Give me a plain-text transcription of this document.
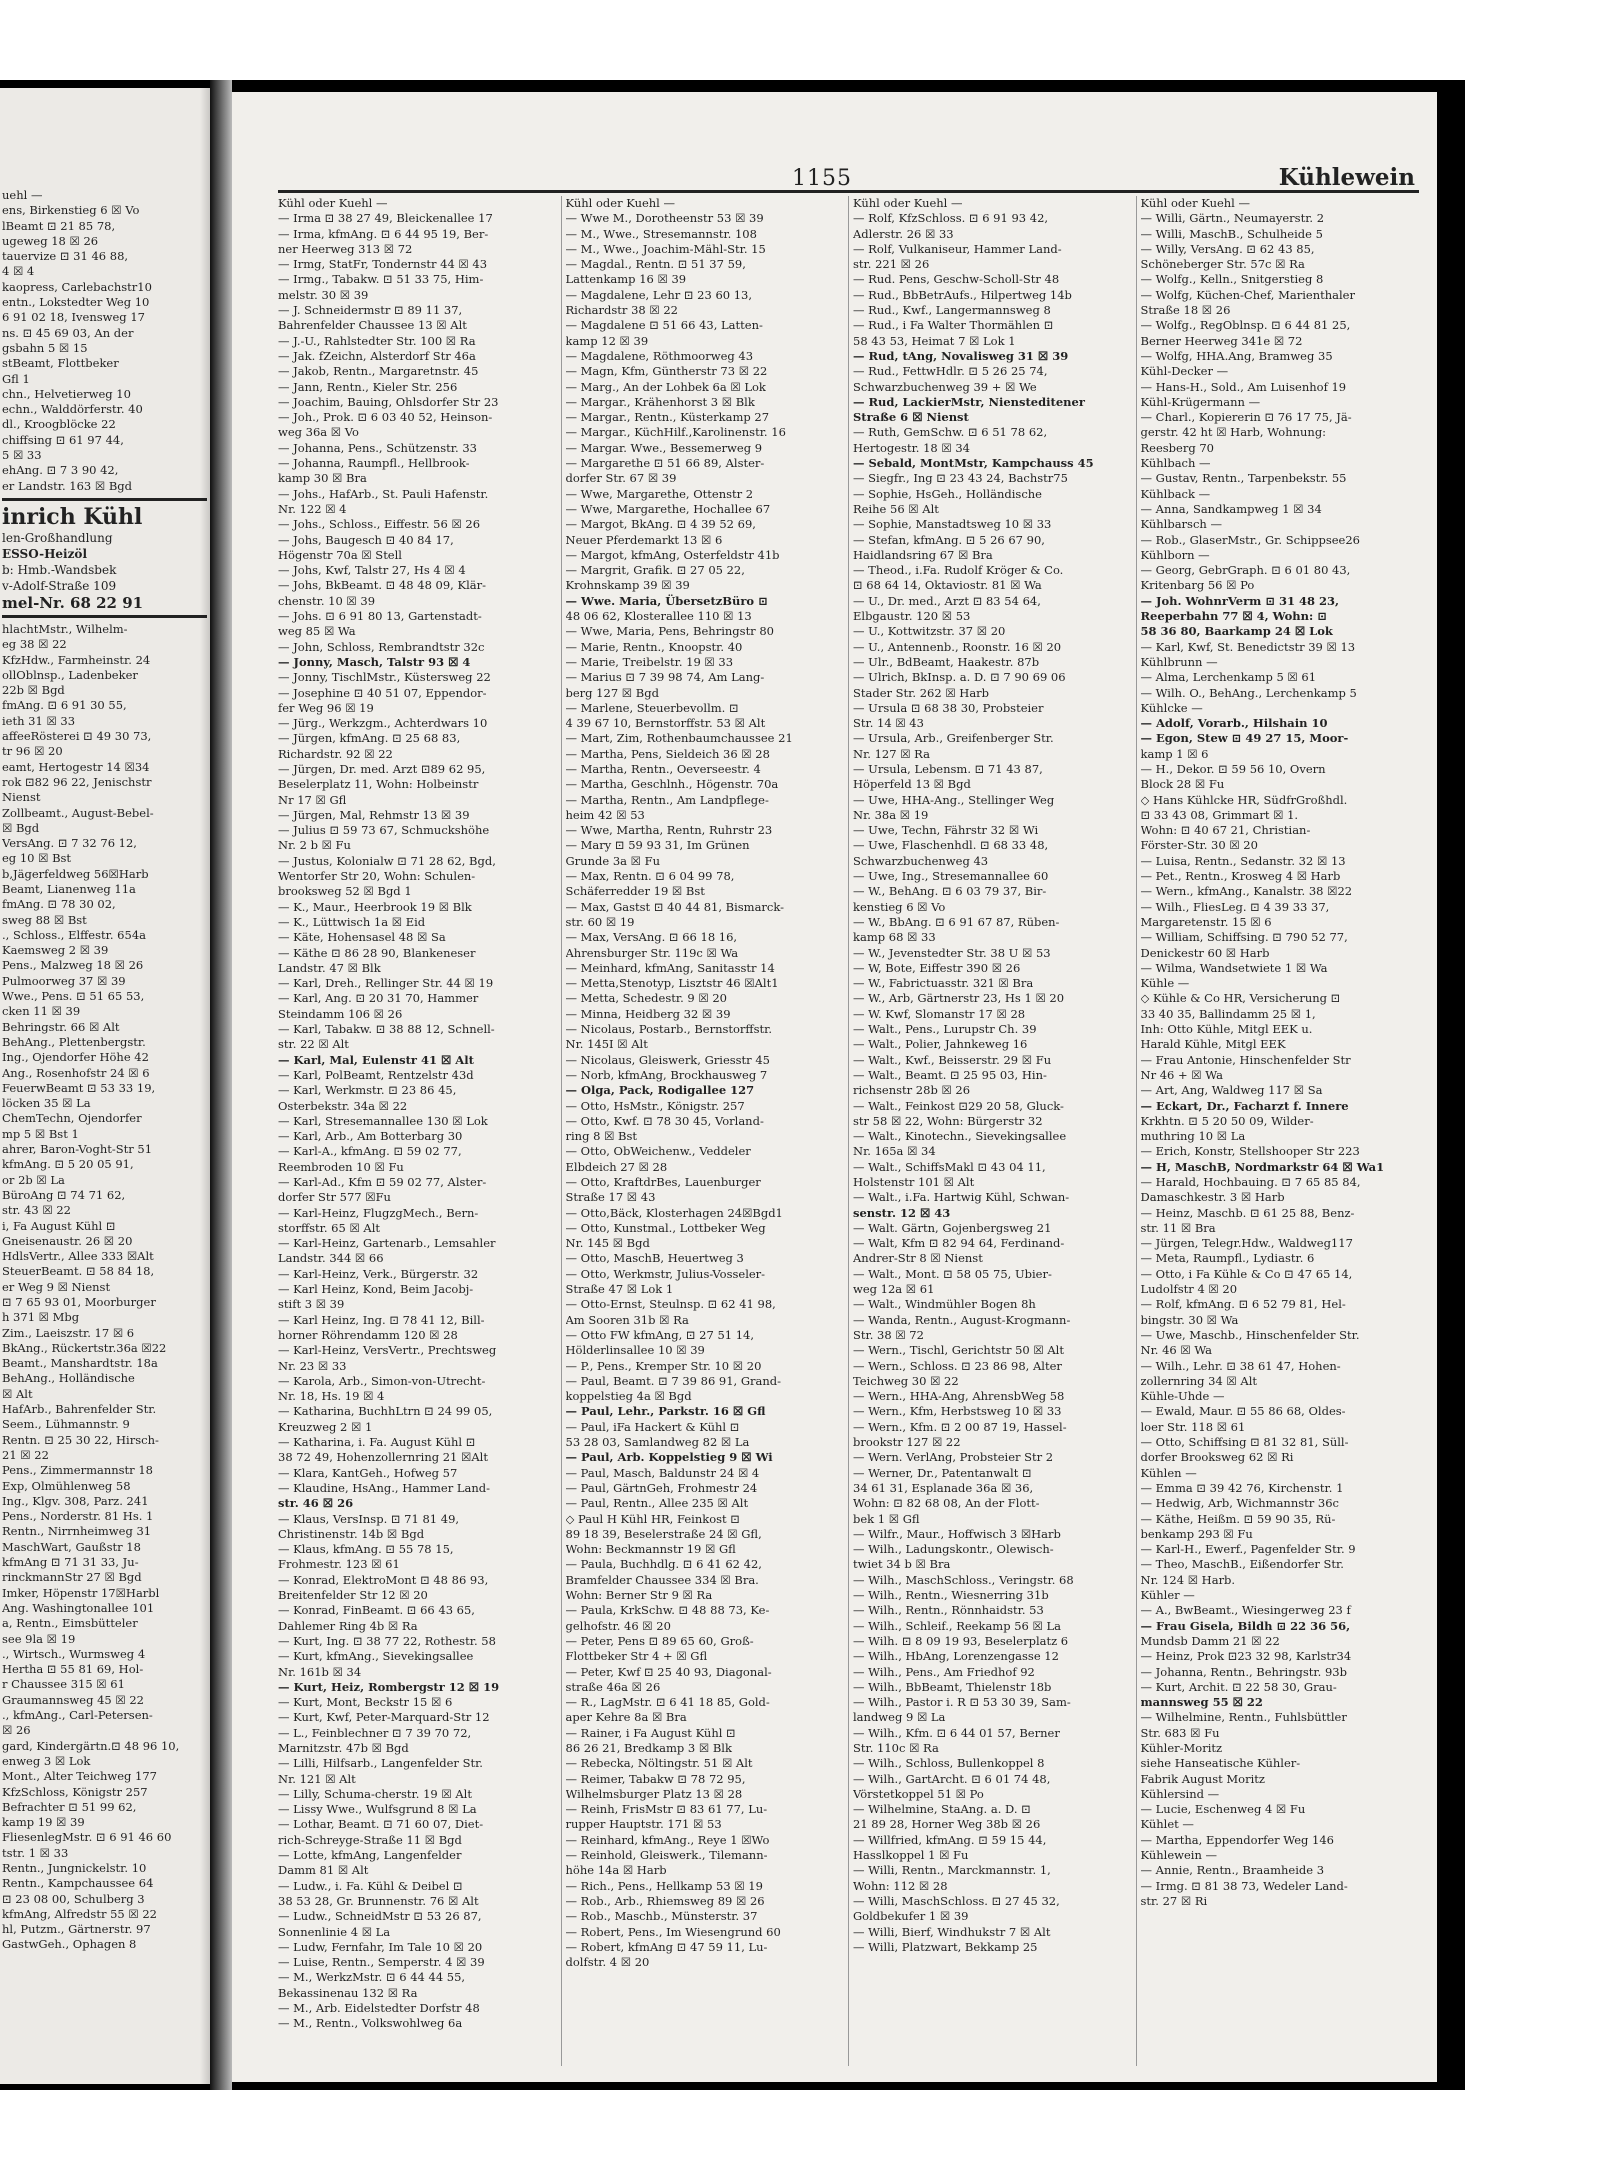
uehl —
ens, Birkenstieg 6 ☒ Vo
lBeamt ⊡ 21 85 78,
ugeweg 18 ☒ 26
tauervize ⊡ 31 46 88,
4 ☒ 4
kaopress, Carlebachstr10
entn., Lokstedter Weg 10
6 91 02 18, Ivensweg 17
ns. ⊡ 45 69 03, An der
gsbahn 5 ☒ 15
stBeamt, Flottbeker
Gfl 1
chn., Helvetierweg 10
echn., Walddörferstr. 40
dl., Kroogblöcke 22
chiffsing ⊡ 61 97 44,
5 ☒ 33
ehAng. ⊡ 7 3 90 42,
er Landstr. 163 ☒ Bgd
inrich Kühl
len-Großhandlung
ESSO-Heizöl
b: Hmb.-Wandsbek
v-Adolf-Straße 109
mel-Nr. 68 22 91
hlachtMstr., Wilhelm-
eg 38 ☒ 22
KfzHdw., Farmheinstr. 24
ollOblnsp., Ladenbeker
22b ☒ Bgd
fmAng. ⊡ 6 91 30 55,
ieth 31 ☒ 33
affeeRösterei ⊡ 49 30 73,
tr 96 ☒ 20
eamt, Hertogestr 14 ☒34
rok ⊡82 96 22, Jenischstr
Nienst
Zollbeamt., August-Bebel-
☒ Bgd
VersAng. ⊡ 7 32 76 12,
eg 10 ☒ Bst
b,Jägerfeldweg 56☒Harb
Beamt, Lianenweg 11a
fmAng. ⊡ 78 30 02,
sweg 88 ☒ Bst
., Schloss., Elffestr. 654a
Kaemsweg 2 ☒ 39
Pens., Malzweg 18 ☒ 26
Pulmoorweg 37 ☒ 39
Wwe., Pens. ⊡ 51 65 53,
cken 11 ☒ 39
Behringstr. 66 ☒ Alt
BehAng., Plettenbergstr.
Ing., Ojendorfer Höhe 42
Ang., Rosenhofstr 24 ☒ 6
FeuerwBeamt ⊡ 53 33 19,
löcken 35 ☒ La
ChemTechn, Ojendorfer
mp 5 ☒ Bst 1
ahrer, Baron-Voght-Str 51
kfmAng. ⊡ 5 20 05 91,
or 2b ☒ La
BüroAng ⊡ 74 71 62,
str. 43 ☒ 22
i, Fa August Kühl ⊡
Gneisenaustr. 26 ☒ 20
HdlsVertr., Allee 333 ☒Alt
SteuerBeamt. ⊡ 58 84 18,
er Weg 9 ☒ Nienst
⊡ 7 65 93 01, Moorburger
h 371 ☒ Mbg
Zim., Laeiszstr. 17 ☒ 6
BkAng., Rückertstr.36a ☒22
Beamt., Manshardtstr. 18a
BehAng., Holländische
☒ Alt
HafArb., Bahrenfelder Str.
Seem., Lühmannstr. 9
Rentn. ⊡ 25 30 22, Hirsch-
21 ☒ 22
Pens., Zimmermannstr 18
Exp, Olmühlenweg 58
Ing., Klgv. 308, Parz. 241
Pens., Norderstr. 81 Hs. 1
Rentn., Nirrnheimweg 31
MaschWart, Gaußstr 18
kfmAng ⊡ 71 31 33, Ju-
rinckmannStr 27 ☒ Bgd
Imker, Höpenstr 17☒Harbl
Ang. Washingtonallee 101
a, Rentn., Eimsbütteler
see 9la ☒ 19
., Wirtsch., Wurmsweg 4
Hertha ⊡ 55 81 69, Hol-
r Chaussee 315 ☒ 61
Graumannsweg 45 ☒ 22
., kfmAng., Carl-Petersen-
☒ 26
gard, Kindergärtn.⊡ 48 96 10,
enweg 3 ☒ Lok
Mont., Alter Teichweg 177
KfzSchloss, Königstr 257
Befrachter ⊡ 51 99 62,
kamp 19 ☒ 39
FliesenlegMstr. ⊡ 6 91 46 60
tstr. 1 ☒ 33
Rentn., Jungnickelstr. 10
Rentn., Kampchaussee 64
⊡ 23 08 00, Schulberg 3
kfmAng, Alfredstr 55 ☒ 22
hl, Putzm., Gärtnerstr. 97
GastwGeh., Ophagen 8
1155	Kühlewein
Kühl oder Kuehl —
— Irma ⊡ 38 27 49, Bleickenallee 17
— Irma, kfmAng. ⊡ 6 44 95 19, Ber-
ner Heerweg 313 ☒ 72
— Irmg, StatFr, Tondernstr 44 ☒ 43
— Irmg., Tabakw. ⊡ 51 33 75, Him-
melstr. 30 ☒ 39
— J. Schneidermstr ⊡ 89 11 37,
Bahrenfelder Chaussee 13 ☒ Alt
— J.-U., Rahlstedter Str. 100 ☒ Ra
— Jak. fZeichn, Alsterdorf Str 46a
— Jakob, Rentn., Margaretnstr. 45
— Jann, Rentn., Kieler Str. 256
— Joachim, Bauing, Ohlsdorfer Str 23
— Joh., Prok. ⊡ 6 03 40 52, Heinson-
weg 36a ☒ Vo
— Johanna, Pens., Schützenstr. 33
— Johanna, Raumpfl., Hellbrook-
kamp 30 ☒ Bra
— Johs., HafArb., St. Pauli Hafenstr.
Nr. 122 ☒ 4
— Johs., Schloss., Eiffestr. 56 ☒ 26
— Johs, Baugesch ⊡ 40 84 17,
Högenstr 70a ☒ Stell
— Johs, Kwf, Talstr 27, Hs 4 ☒ 4
— Johs, BkBeamt. ⊡ 48 48 09, Klär-
chenstr. 10 ☒ 39
— Johs. ⊡ 6 91 80 13, Gartenstadt-
weg 85 ☒ Wa
— John, Schloss, Rembrandtstr 32c
— Jonny, Masch, Talstr 93 ☒ 4
— Jonny, TischlMstr., Küstersweg 22
— Josephine ⊡ 40 51 07, Eppendor-
fer Weg 96 ☒ 19
— Jürg., Werkzgm., Achterdwars 10
— Jürgen, kfmAng. ⊡ 25 68 83,
Richardstr. 92 ☒ 22
— Jürgen, Dr. med. Arzt ⊡89 62 95,
Beselerplatz 11, Wohn: Holbeinstr
Nr 17 ☒ Gfl
— Jürgen, Mal, Rehmstr 13 ☒ 39
— Julius ⊡ 59 73 67, Schmuckshöhe
Nr. 2 b ☒ Fu
— Justus, Kolonialw ⊡ 71 28 62, Bgd,
Wentorfer Str 20, Wohn: Schulen-
brooksweg 52 ☒ Bgd 1
— K., Maur., Heerbrook 19 ☒ Blk
— K., Lüttwisch 1a ☒ Eid
— Käte, Hohensasel 48 ☒ Sa
— Käthe ⊡ 86 28 90, Blankeneser
Landstr. 47 ☒ Blk
— Karl, Dreh., Rellinger Str. 44 ☒ 19
— Karl, Ang. ⊡ 20 31 70, Hammer
Steindamm 106 ☒ 26
— Karl, Tabakw. ⊡ 38 88 12, Schnell-
str. 22 ☒ Alt
— Karl, Mal, Eulenstr 41 ☒ Alt
— Karl, PolBeamt, Rentzelstr 43d
— Karl, Werkmstr. ⊡ 23 86 45,
Osterbekstr. 34a ☒ 22
— Karl, Stresemannallee 130 ☒ Lok
— Karl, Arb., Am Botterbarg 30
— Karl-A., kfmAng. ⊡ 59 02 77,
Reembroden 10 ☒ Fu
— Karl-Ad., Kfm ⊡ 59 02 77, Alster-
dorfer Str 577 ☒Fu
— Karl-Heinz, FlugzgMech., Bern-
storffstr. 65 ☒ Alt
— Karl-Heinz, Gartenarb., Lemsahler
Landstr. 344 ☒ 66
— Karl-Heinz, Verk., Bürgerstr. 32
— Karl Heinz, Kond, Beim Jacobj-
stift 3 ☒ 39
— Karl Heinz, Ing. ⊡ 78 41 12, Bill-
horner Röhrendamm 120 ☒ 28
— Karl-Heinz, VersVertr., Prechtsweg
Nr. 23 ☒ 33
— Karola, Arb., Simon-von-Utrecht-
Nr. 18, Hs. 19 ☒ 4
— Katharina, BuchhLtrn ⊡ 24 99 05,
Kreuzweg 2 ☒ 1
— Katharina, i. Fa. August Kühl ⊡
38 72 49, Hohenzollernring 21 ☒Alt
— Klara, KantGeh., Hofweg 57
— Klaudine, HsAng., Hammer Land-
str. 46 ☒ 26
— Klaus, VersInsp. ⊡ 71 81 49,
Christinenstr. 14b ☒ Bgd
— Klaus, kfmAng. ⊡ 55 78 15,
Frohmestr. 123 ☒ 61
— Konrad, ElektroMont ⊡ 48 86 93,
Breitenfelder Str 12 ☒ 20
— Konrad, FinBeamt. ⊡ 66 43 65,
Dahlemer Ring 4b ☒ Ra
— Kurt, Ing. ⊡ 38 77 22, Rothestr. 58
— Kurt, kfmAng., Sievekingsallee
Nr. 161b ☒ 34
— Kurt, Heiz, Rombergstr 12 ☒ 19
— Kurt, Mont, Beckstr 15 ☒ 6
— Kurt, Kwf, Peter-Marquard-Str 12
— L., Feinblechner ⊡ 7 39 70 72,
Marnitzstr. 47b ☒ Bgd
— Lilli, Hilfsarb., Langenfelder Str.
Nr. 121 ☒ Alt
— Lilly, Schuma-cherstr. 19 ☒ Alt
— Lissy Wwe., Wulfsgrund 8 ☒ La
— Lothar, Beamt. ⊡ 71 60 07, Diet-
rich-Schreyge-Straße 11 ☒ Bgd
— Lotte, kfmAng, Langenfelder
Damm 81 ☒ Alt
— Ludw., i. Fa. Kühl & Deibel ⊡
38 53 28, Gr. Brunnenstr. 76 ☒ Alt
— Ludw., SchneidMstr ⊡ 53 26 87,
Sonnenlinie 4 ☒ La
— Ludw, Fernfahr, Im Tale 10 ☒ 20
— Luise, Rentn., Semperstr. 4 ☒ 39
— M., WerkzMstr. ⊡ 6 44 44 55,
Bekassinenau 132 ☒ Ra
— M., Arb. Eidelstedter Dorfstr 48
— M., Rentn., Volkswohlweg 6a
Kühl oder Kuehl —
— Wwe M., Dorotheenstr 53 ☒ 39
— M., Wwe., Stresemannstr. 108
— M., Wwe., Joachim-Mähl-Str. 15
— Magdal., Rentn. ⊡ 51 37 59,
Lattenkamp 16 ☒ 39
— Magdalene, Lehr ⊡ 23 60 13,
Richardstr 38 ☒ 22
— Magdalene ⊡ 51 66 43, Latten-
kamp 12 ☒ 39
— Magdalene, Röthmoorweg 43
— Magn, Kfm, Güntherstr 73 ☒ 22
— Marg., An der Lohbek 6a ☒ Lok
— Margar., Krähenhorst 3 ☒ Blk
— Margar., Rentn., Küsterkamp 27
— Margar., KüchHilf.,Karolinenstr. 16
— Margar. Wwe., Bessemerweg 9
— Margarethe ⊡ 51 66 89, Alster-
dorfer Str. 67 ☒ 39
— Wwe, Margarethe, Ottenstr 2
— Wwe, Margarethe, Hochallee 67
— Margot, BkAng. ⊡ 4 39 52 69,
Neuer Pferdemarkt 13 ☒ 6
— Margot, kfmAng, Osterfeldstr 41b
— Margrit, Grafik. ⊡ 27 05 22,
Krohnskamp 39 ☒ 39
— Wwe. Maria, ÜbersetzBüro ⊡
48 06 62, Klosterallee 110 ☒ 13
— Wwe, Maria, Pens, Behringstr 80
— Marie, Rentn., Knoopstr. 40
— Marie, Treibelstr. 19 ☒ 33
— Marius ⊡ 7 39 98 74, Am Lang-
berg 127 ☒ Bgd
— Marlene, Steuerbevollm. ⊡
4 39 67 10, Bernstorffstr. 53 ☒ Alt
— Mart, Zim, Rothenbaumchaussee 21
— Martha, Pens, Sieldeich 36 ☒ 28
— Martha, Rentn., Oeverseestr. 4
— Martha, Geschlnh., Högenstr. 70a
— Martha, Rentn., Am Landpflege-
heim 42 ☒ 53
— Wwe, Martha, Rentn, Ruhrstr 23
— Mary ⊡ 59 93 31, Im Grünen
Grunde 3a ☒ Fu
— Max, Rentn. ⊡ 6 04 99 78,
Schäferredder 19 ☒ Bst
— Max, Gastst ⊡ 40 44 81, Bismarck-
str. 60 ☒ 19
— Max, VersAng. ⊡ 66 18 16,
Ahrensburger Str. 119c ☒ Wa
— Meinhard, kfmAng, Sanitasstr 14
— Metta,Stenotyp, Lisztstr 46 ☒Alt1
— Metta, Schedestr. 9 ☒ 20
— Minna, Heidberg 32 ☒ 39
— Nicolaus, Postarb., Bernstorffstr.
Nr. 145I ☒ Alt
— Nicolaus, Gleiswerk, Griesstr 45
— Norb, kfmAng, Brockhausweg 7
— Olga, Pack, Rodigallee 127
— Otto, HsMstr., Königstr. 257
— Otto, Kwf. ⊡ 78 30 45, Vorland-
ring 8 ☒ Bst
— Otto, ObWeichenw., Veddeler
Elbdeich 27 ☒ 28
— Otto, KraftdrBes, Lauenburger
Straße 17 ☒ 43
— Otto,Bäck, Klosterhagen 24☒Bgd1
— Otto, Kunstmal., Lottbeker Weg
Nr. 145 ☒ Bgd
— Otto, MaschB, Heuertweg 3
— Otto, Werkmstr, Julius-Vosseler-
Straße 47 ☒ Lok 1
— Otto-Ernst, Steulnsp. ⊡ 62 41 98,
Am Sooren 31b ☒ Ra
— Otto FW kfmAng, ⊡ 27 51 14,
Hölderlinsallee 10 ☒ 39
— P., Pens., Kremper Str. 10 ☒ 20
— Paul, Beamt. ⊡ 7 39 86 91, Grand-
koppelstieg 4a ☒ Bgd
— Paul, Lehr., Parkstr. 16 ☒ Gfl
— Paul, iFa Hackert & Kühl ⊡
53 28 03, Samlandweg 82 ☒ La
— Paul, Arb. Koppelstieg 9 ☒ Wi
— Paul, Masch, Baldunstr 24 ☒ 4
— Paul, GärtnGeh, Frohmestr 24
— Paul, Rentn., Allee 235 ☒ Alt
◇ Paul H Kühl HR, Feinkost ⊡
89 18 39, Beselerstraße 24 ☒ Gfl,
Wohn: Beckmannstr 19 ☒ Gfl
— Paula, Buchhdlg. ⊡ 6 41 62 42,
Bramfelder Chaussee 334 ☒ Bra.
Wohn: Berner Str 9 ☒ Ra
— Paula, KrkSchw. ⊡ 48 88 73, Ke-
gelhofstr. 46 ☒ 20
— Peter, Pens ⊡ 89 65 60, Groß-
Flottbeker Str 4 + ☒ Gfl
— Peter, Kwf ⊡ 25 40 93, Diagonal-
straße 46a ☒ 26
— R., LagMstr. ⊡ 6 41 18 85, Gold-
aper Kehre 8a ☒ Bra
— Rainer, i Fa August Kühl ⊡
86 26 21, Bredkamp 3 ☒ Blk
— Rebecka, Nöltingstr. 51 ☒ Alt
— Reimer, Tabakw ⊡ 78 72 95,
Wilhelmsburger Platz 13 ☒ 28
— Reinh, FrisMstr ⊡ 83 61 77, Lu-
rupper Hauptstr. 171 ☒ 53
— Reinhard, kfmAng., Reye 1 ☒Wo
— Reinhold, Gleiswerk., Tilemann-
höhe 14a ☒ Harb
— Rich., Pens., Hellkamp 53 ☒ 19
— Rob., Arb., Rhiemsweg 89 ☒ 26
— Rob., Maschb., Münsterstr. 37
— Robert, Pens., Im Wiesengrund 60
— Robert, kfmAng ⊡ 47 59 11, Lu-
dolfstr. 4 ☒ 20
Kühl oder Kuehl —
— Rolf, KfzSchloss. ⊡ 6 91 93 42,
Adlerstr. 26 ☒ 33
— Rolf, Vulkaniseur, Hammer Land-
str. 221 ☒ 26
— Rud. Pens, Geschw-Scholl-Str 48
— Rud., BbBetrAufs., Hilpertweg 14b
— Rud., Kwf., Langermannsweg 8
— Rud., i Fa Walter Thormählen ⊡
58 43 53, Heimat 7 ☒ Lok 1
— Rud, tAng, Novalisweg 31 ☒ 39
— Rud., FettwHdlr. ⊡ 5 26 25 74,
Schwarzbuchenweg 39 + ☒ We
— Rud, LackierMstr, Niensteditener
Straße 6 ☒ Nienst
— Ruth, GemSchw. ⊡ 6 51 78 62,
Hertogestr. 18 ☒ 34
— Sebald, MontMstr, Kampchauss 45
— Siegfr., Ing ⊡ 23 43 24, Bachstr75
— Sophie, HsGeh., Holländische
Reihe 56 ☒ Alt
— Sophie, Manstadtsweg 10 ☒ 33
— Stefan, kfmAng. ⊡ 5 26 67 90,
Haidlandsring 67 ☒ Bra
— Theod., i.Fa. Rudolf Kröger & Co.
⊡ 68 64 14, Oktaviostr. 81 ☒ Wa
— U., Dr. med., Arzt ⊡ 83 54 64,
Elbgaustr. 120 ☒ 53
— U., Kottwitzstr. 37 ☒ 20
— U., Antennenb., Roonstr. 16 ☒ 20
— Ulr., BdBeamt, Haakestr. 87b
— Ulrich, BkInsp. a. D. ⊡ 7 90 69 06
Stader Str. 262 ☒ Harb
— Ursula ⊡ 68 38 30, Probsteier
Str. 14 ☒ 43
— Ursula, Arb., Greifenberger Str.
Nr. 127 ☒ Ra
— Ursula, Lebensm. ⊡ 71 43 87,
Höperfeld 13 ☒ Bgd
— Uwe, HHA-Ang., Stellinger Weg
Nr. 38a ☒ 19
— Uwe, Techn, Fährstr 32 ☒ Wi
— Uwe, Flaschenhdl. ⊡ 68 33 48,
Schwarzbuchenweg 43
— Uwe, Ing., Stresemannallee 60
— W., BehAng. ⊡ 6 03 79 37, Bir-
kenstieg 6 ☒ Vo
— W., BbAng. ⊡ 6 91 67 87, Rüben-
kamp 68 ☒ 33
— W., Jevenstedter Str. 38 U ☒ 53
— W, Bote, Eiffestr 390 ☒ 26
— W., Fabrictuasstr. 321 ☒ Bra
— W., Arb, Gärtnerstr 23, Hs 1 ☒ 20
— W. Kwf, Slomanstr 17 ☒ 28
— Walt., Pens., Lurupstr Ch. 39
— Walt., Polier, Jahnkeweg 16
— Walt., Kwf., Beisserstr. 29 ☒ Fu
— Walt., Beamt. ⊡ 25 95 03, Hin-
richsenstr 28b ☒ 26
— Walt., Feinkost ⊡29 20 58, Gluck-
str 58 ☒ 22, Wohn: Bürgerstr 32
— Walt., Kinotechn., Sievekingsallee
Nr. 165a ☒ 34
— Walt., SchiffsMakl ⊡ 43 04 11,
Holstenstr 101 ☒ Alt
— Walt., i.Fa. Hartwig Kühl, Schwan-
senstr. 12 ☒ 43
— Walt. Gärtn, Gojenbergsweg 21
— Walt, Kfm ⊡ 82 94 64, Ferdinand-
Andrer-Str 8 ☒ Nienst
— Walt., Mont. ⊡ 58 05 75, Ubier-
weg 12a ☒ 61
— Walt., Windmühler Bogen 8h
— Wanda, Rentn., August-Krogmann-
Str. 38 ☒ 72
— Wern., Tischl, Gerichtstr 50 ☒ Alt
— Wern., Schloss. ⊡ 23 86 98, Alter
Teichweg 30 ☒ 22
— Wern., HHA-Ang, AhrensbWeg 58
— Wern., Kfm, Herbstsweg 10 ☒ 33
— Wern., Kfm. ⊡ 2 00 87 19, Hassel-
brookstr 127 ☒ 22
— Wern. VerlAng, Probsteier Str 2
— Werner, Dr., Patentanwalt ⊡
34 61 31, Esplanade 36a ☒ 36,
Wohn: ⊡ 82 68 08, An der Flott-
bek 1 ☒ Gfl
— Wilfr., Maur., Hoffwisch 3 ☒Harb
— Wilh., Ladungskontr., Olewisch-
twiet 34 b ☒ Bra
— Wilh., MaschSchloss., Veringstr. 68
— Wilh., Rentn., Wiesnerring 31b
— Wilh., Rentn., Rönnhaidstr. 53
— Wilh., Schleif., Reekamp 56 ☒ La
— Wilh. ⊡ 8 09 19 93, Beselerplatz 6
— Wilh., HbAng, Lorenzengasse 12
— Wilh., Pens., Am Friedhof 92
— Wilh., BbBeamt, Thielenstr 18b
— Wilh., Pastor i. R ⊡ 53 30 39, Sam-
landweg 9 ☒ La
— Wilh., Kfm. ⊡ 6 44 01 57, Berner
Str. 110c ☒ Ra
— Wilh., Schloss, Bullenkoppel 8
— Wilh., GartArcht. ⊡ 6 01 74 48,
Vörstetkoppel 51 ☒ Po
— Wilhelmine, StaAng. a. D. ⊡
21 89 28, Horner Weg 38b ☒ 26
— Willfried, kfmAng. ⊡ 59 15 44,
Hasslkoppel 1 ☒ Fu
— Willi, Rentn., Marckmannstr. 1,
Wohn: 112 ☒ 28
— Willi, MaschSchloss. ⊡ 27 45 32,
Goldbekufer 1 ☒ 39
— Willi, Bierf, Windhukstr 7 ☒ Alt
— Willi, Platzwart, Bekkamp 25
Kühl oder Kuehl —
— Willi, Gärtn., Neumayerstr. 2
— Willi, MaschB., Schulheide 5
— Willy, VersAng. ⊡ 62 43 85,
Schöneberger Str. 57c ☒ Ra
— Wolfg., Kelln., Snitgerstieg 8
— Wolfg, Küchen-Chef, Marienthaler
Straße 18 ☒ 26
— Wolfg., RegOblnsp. ⊡ 6 44 81 25,
Berner Heerweg 341e ☒ 72
— Wolfg, HHA.Ang, Bramweg 35
Kühl-Decker —
— Hans-H., Sold., Am Luisenhof 19
Kühl-Krügermann —
— Charl., Kopiererin ⊡ 76 17 75, Jä-
gerstr. 42 ht ☒ Harb, Wohnung:
Reesberg 70
Kühlbach —
— Gustav, Rentn., Tarpenbekstr. 55
Kühlback —
— Anna, Sandkampweg 1 ☒ 34
Kühlbarsch —
— Rob., GlaserMstr., Gr. Schippsee26
Kühlborn —
— Georg, GebrGraph. ⊡ 6 01 80 43,
Kritenbarg 56 ☒ Po
— Joh. WohnrVerm ⊡ 31 48 23,
Reeperbahn 77 ☒ 4, Wohn: ⊡
58 36 80, Baarkamp 24 ☒ Lok
— Karl, Kwf, St. Benedictstr 39 ☒ 13
Kühlbrunn —
— Alma, Lerchenkamp 5 ☒ 61
— Wilh. O., BehAng., Lerchenkamp 5
Kühlcke —
— Adolf, Vorarb., Hilshain 10
— Egon, Stew ⊡ 49 27 15, Moor-
kamp 1 ☒ 6
— H., Dekor. ⊡ 59 56 10, Overn
Block 28 ☒ Fu
◇ Hans Kühlcke HR, SüdfrGroßhdl.
⊡ 33 43 08, Grimmart ☒ 1.
Wohn: ⊡ 40 67 21, Christian-
Förster-Str. 30 ☒ 20
— Luisa, Rentn., Sedanstr. 32 ☒ 13
— Pet., Rentn., Krosweg 4 ☒ Harb
— Wern., kfmAng., Kanalstr. 38 ☒22
— Wilh., FliesLeg. ⊡ 4 39 33 37,
Margaretenstr. 15 ☒ 6
— William, Schiffsing. ⊡ 790 52 77,
Denickestr 60 ☒ Harb
— Wilma, Wandsetwiete 1 ☒ Wa
Kühle —
◇ Kühle & Co HR, Versicherung ⊡
33 40 35, Ballindamm 25 ☒ 1,
Inh: Otto Kühle, Mitgl EEK u.
Harald Kühle, Mitgl EEK
— Frau Antonie, Hinschenfelder Str
Nr 46 + ☒ Wa
— Art, Ang, Waldweg 117 ☒ Sa
— Eckart, Dr., Facharzt f. Innere
Krkhtn. ⊡ 5 20 50 09, Wilder-
muthring 10 ☒ La
— Erich, Konstr, Stellshooper Str 223
— H, MaschB, Nordmarkstr 64 ☒ Wa1
— Harald, Hochbauing. ⊡ 7 65 85 84,
Damaschkestr. 3 ☒ Harb
— Heinz, Maschb. ⊡ 61 25 88, Benz-
str. 11 ☒ Bra
— Jürgen, Telegr.Hdw., Waldweg117
— Meta, Raumpfl., Lydiastr. 6
— Otto, i Fa Kühle & Co ⊡ 47 65 14,
Ludolfstr 4 ☒ 20
— Rolf, kfmAng. ⊡ 6 52 79 81, Hel-
bingstr. 30 ☒ Wa
— Uwe, Maschb., Hinschenfelder Str.
Nr. 46 ☒ Wa
— Wilh., Lehr. ⊡ 38 61 47, Hohen-
zollernring 34 ☒ Alt
Kühle-Uhde —
— Ewald, Maur. ⊡ 55 86 68, Oldes-
loer Str. 118 ☒ 61
— Otto, Schiffsing ⊡ 81 32 81, Süll-
dorfer Brooksweg 62 ☒ Ri
Kühlen —
— Emma ⊡ 39 42 76, Kirchenstr. 1
— Hedwig, Arb, Wichmannstr 36c
— Käthe, Heißm. ⊡ 59 90 35, Rü-
benkamp 293 ☒ Fu
— Karl-H., Ewerf., Pagenfelder Str. 9
— Theo, MaschB., Eißendorfer Str.
Nr. 124 ☒ Harb.
Kühler —
— A., BwBeamt., Wiesingerweg 23 f
— Frau Gisela, Bildh ⊡ 22 36 56,
Mundsb Damm 21 ☒ 22
— Heinz, Prok ⊡23 32 98, Karlstr34
— Johanna, Rentn., Behringstr. 93b
— Kurt, Archit. ⊡ 22 58 30, Grau-
mannsweg 55 ☒ 22
— Wilhelmine, Rentn., Fuhlsbüttler
Str. 683 ☒ Fu
Kühler-Moritz
siehe Hanseatische Kühler-
Fabrik August Moritz
Kühlersind —
— Lucie, Eschenweg 4 ☒ Fu
Kühlet —
— Martha, Eppendorfer Weg 146
Kühlewein —
— Annie, Rentn., Braamheide 3
— Irmg. ⊡ 81 38 73, Wedeler Land-
str. 27 ☒ Ri
